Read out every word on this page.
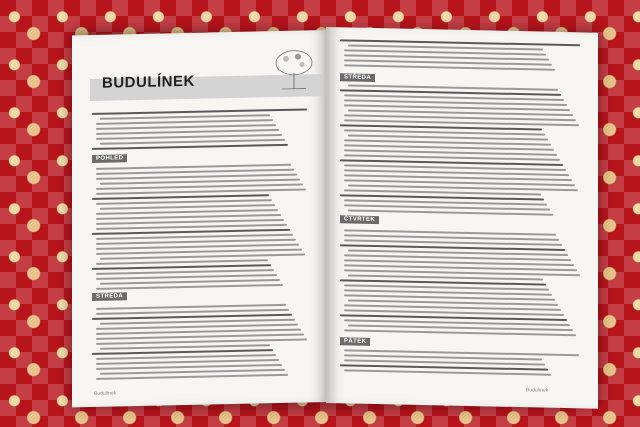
BUDULÍNEK
POHLED
STŘEDA
Budulínek
STŘEDA
ČTVRTEK
PÁTEK
Budulínek
